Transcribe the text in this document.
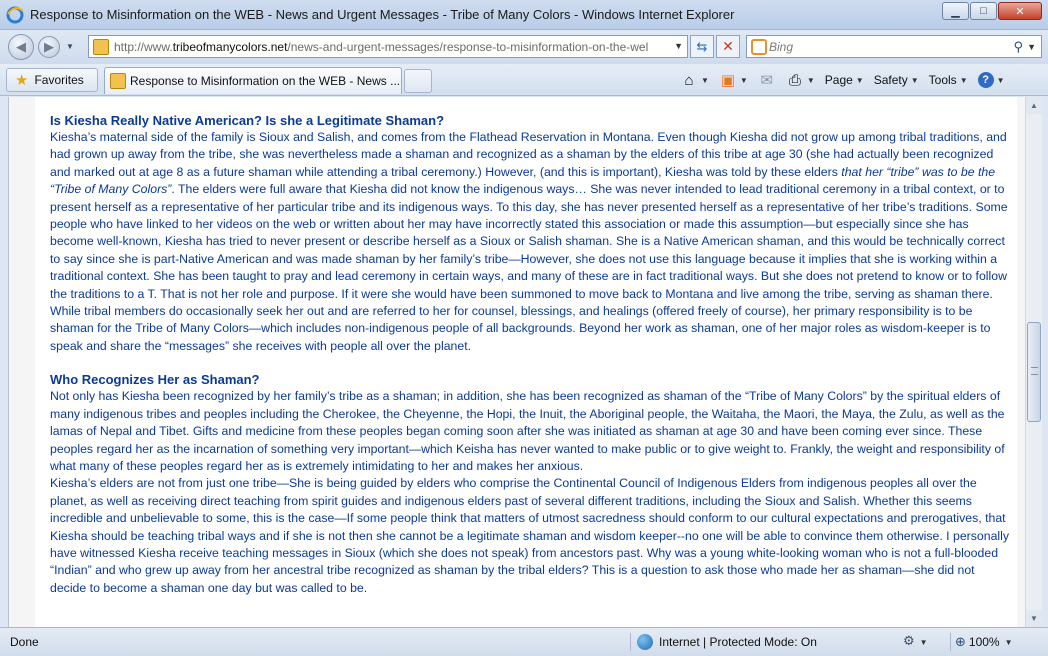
Response to Misinformation on the WEB - News and Urgent Messages - Tribe of Many Colors - Windows Internet Explorer	▁	□	✕
◀ ▶ ▼	http://www.tribeofmanycolors.net/news-and-urgent-messages/response-to-misinformation-on-the-wel	▼ ⇆ ✕	Bing	⚲ ▼
★ Favorites	Response to Misinformation on the WEB - News ...	⌂ ▼ ▣ ▼ ✉ ⎙ ▼ Page ▼ Safety ▼ Tools ▼	? ▼
Is Kiesha Really Native American? Is she a Legitimate Shaman?

Kiesha’s maternal side of the family is Sioux and Salish, and comes from the Flathead Reservation in Montana. Even though Kiesha did not grow up among tribal traditions, and had grown up away from the tribe, she was nevertheless made a shaman and recognized as a shaman by the elders of this tribe at age 30 (she had actually been recognized and marked out at age 8 as a future shaman while attending a tribal ceremony.) However, (and this is important), Kiesha was told by these elders that her “tribe” was to be the “Tribe of Many Colors”. The elders were full aware that Kiesha did not know the indigenous ways… She was never intended to lead traditional ceremony in a tribal context, or to present herself as a representative of her particular tribe and its indigenous ways. To this day, she has never presented herself as a representative of her tribe’s traditions. Some people who have linked to her videos on the web or written about her may have incorrectly stated this association or made this assumption—but especially since she has become well-known, Kiesha has tried to never present or describe herself as a Sioux or Salish shaman. She is a Native American shaman, and this would be technically correct to say since she is part-Native American and was made shaman by her family’s tribe—However, she does not use this language because it implies that she is working within a traditional context. She has been taught to pray and lead ceremony in certain ways, and many of these are in fact traditional ways. But she does not pretend to know or to follow the traditions to a T. That is not her role and purpose. If it were she would have been summoned to move back to Montana and live among the tribe, serving as shaman there. While tribal members do occasionally seek her out and are referred to her for counsel, blessings, and healings (offered freely of course), her primary responsibility is to be shaman for the Tribe of Many Colors—which includes non-indigenous people of all backgrounds. Beyond her work as shaman, one of her major roles as wisdom-keeper is to speak and share the “messages” she receives with people all over the planet.

Who Recognizes Her as Shaman?

Not only has Kiesha been recognized by her family’s tribe as a shaman; in addition, she has been recognized as shaman of the “Tribe of Many Colors” by the spiritual elders of many indigenous tribes and peoples including the Cherokee, the Cheyenne, the Hopi, the Inuit, the Aboriginal people, the Waitaha, the Maori, the Maya, the Zulu, as well as the lamas of Nepal and Tibet. Gifts and medicine from these peoples began coming soon after she was initiated as shaman at age 30 and have been coming ever since. These peoples regard her as the incarnation of something very important—which Keisha has never wanted to make public or to give weight to. Frankly, the weight and responsibility of what many of these peoples regard her as is extremely intimidating to her and makes her anxious.

Kiesha’s elders are not from just one tribe—She is being guided by elders who comprise the Continental Council of Indigenous Elders from indigenous peoples all over the planet, as well as receiving direct teaching from spirit guides and indigenous elders past of several different traditions, including the Sioux and Salish. Whether this seems incredible and unbelievable to some, this is the case—If some people think that matters of utmost sacredness should conform to our cultural expectations and prerogatives, that Kiesha should be teaching tribal ways and if she is not then she cannot be a legitimate shaman and wisdom keeper--no one will be able to convince them otherwise. I personally have witnessed Kiesha receive teaching messages in Sioux (which she does not speak) from ancestors past. Why was a young white-looking woman who is not a full-blooded “Indian” and who grew up away from her ancestral tribe recognized as shaman by the tribal elders? This is a question to ask those who made her as shaman—she did not decide to become a shaman one day but was called to be.

▲
▼
Done	Internet | Protected Mode: On	⚙ ▼ ⊕ 100% ▼
